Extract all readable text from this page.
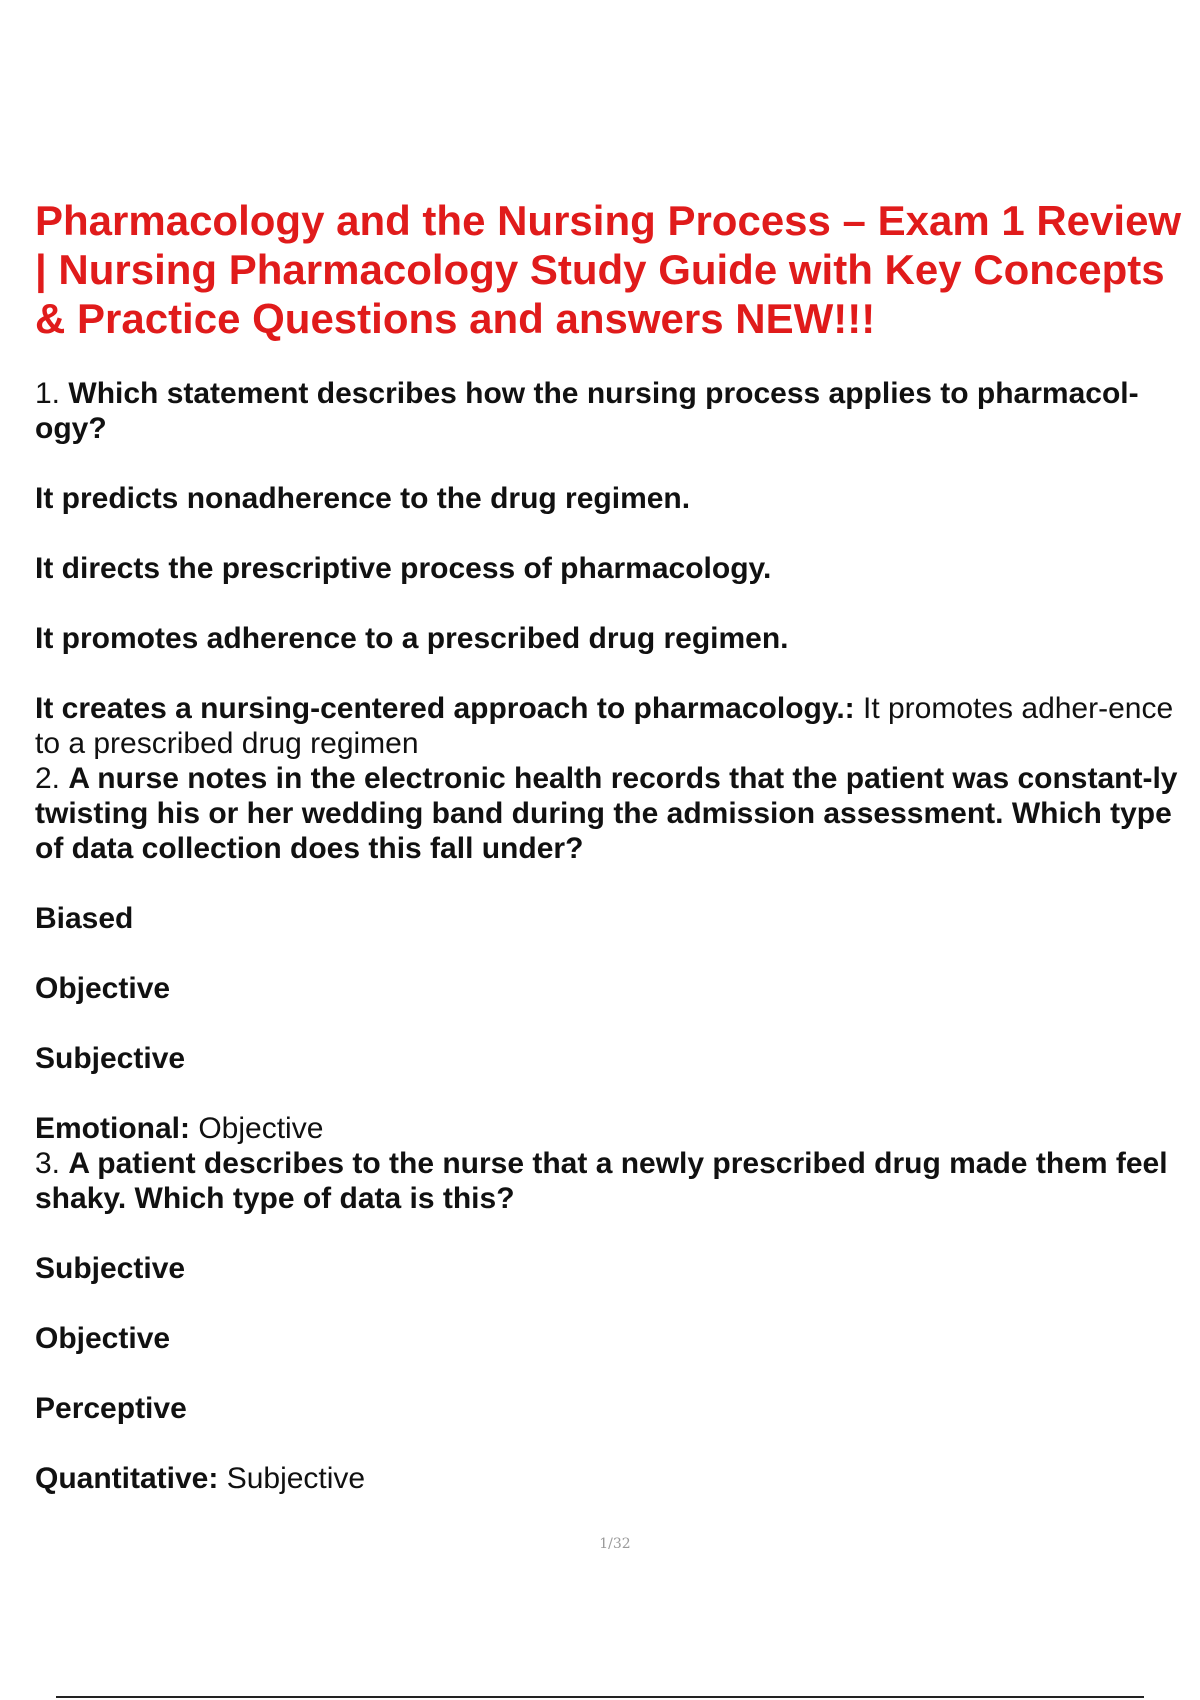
Pharmacology and the Nursing Process – Exam 1 Review | Nursing Pharmacology Study Guide with Key Concepts & Practice Questions and answers NEW!!!

1. Which statement describes how the nursing process applies to pharmacol-ogy?

It predicts nonadherence to the drug regimen.

It directs the prescriptive process of pharmacology.

It promotes adherence to a prescribed drug regimen.

It creates a nursing-centered approach to pharmacology.: It promotes adher-ence to a prescribed drug regimen

2. A nurse notes in the electronic health records that the patient was constant-ly twisting his or her wedding band during the admission assessment. Which type of data collection does this fall under?

Biased

Objective

Subjective

Emotional: Objective

3. A patient describes to the nurse that a newly prescribed drug made them feel shaky. Which type of data is this?

Subjective

Objective

Perceptive

Quantitative: Subjective

1/32
